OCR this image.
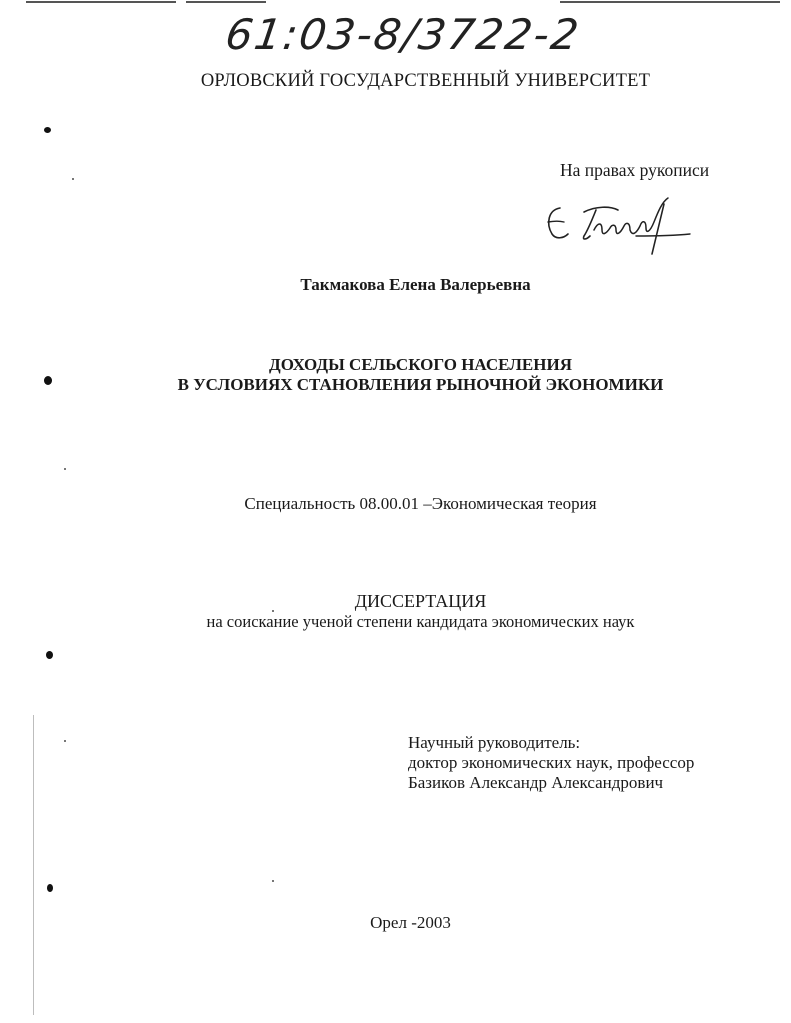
61:03-8/3722-2
ОРЛОВСКИЙ ГОСУДАРСТВЕННЫЙ УНИВЕРСИТЕТ
На правах рукописи
Такмакова Елена Валерьевна
ДОХОДЫ СЕЛЬСКОГО НАСЕЛЕНИЯ
В УСЛОВИЯХ СТАНОВЛЕНИЯ РЫНОЧНОЙ ЭКОНОМИКИ
Специальность 08.00.01 –Экономическая теория
ДИССЕРТАЦИЯ
на соискание ученой степени кандидата экономических наук
Научный руководитель:
доктор экономических наук, профессор
Базиков Александр Александрович
Орел -2003
